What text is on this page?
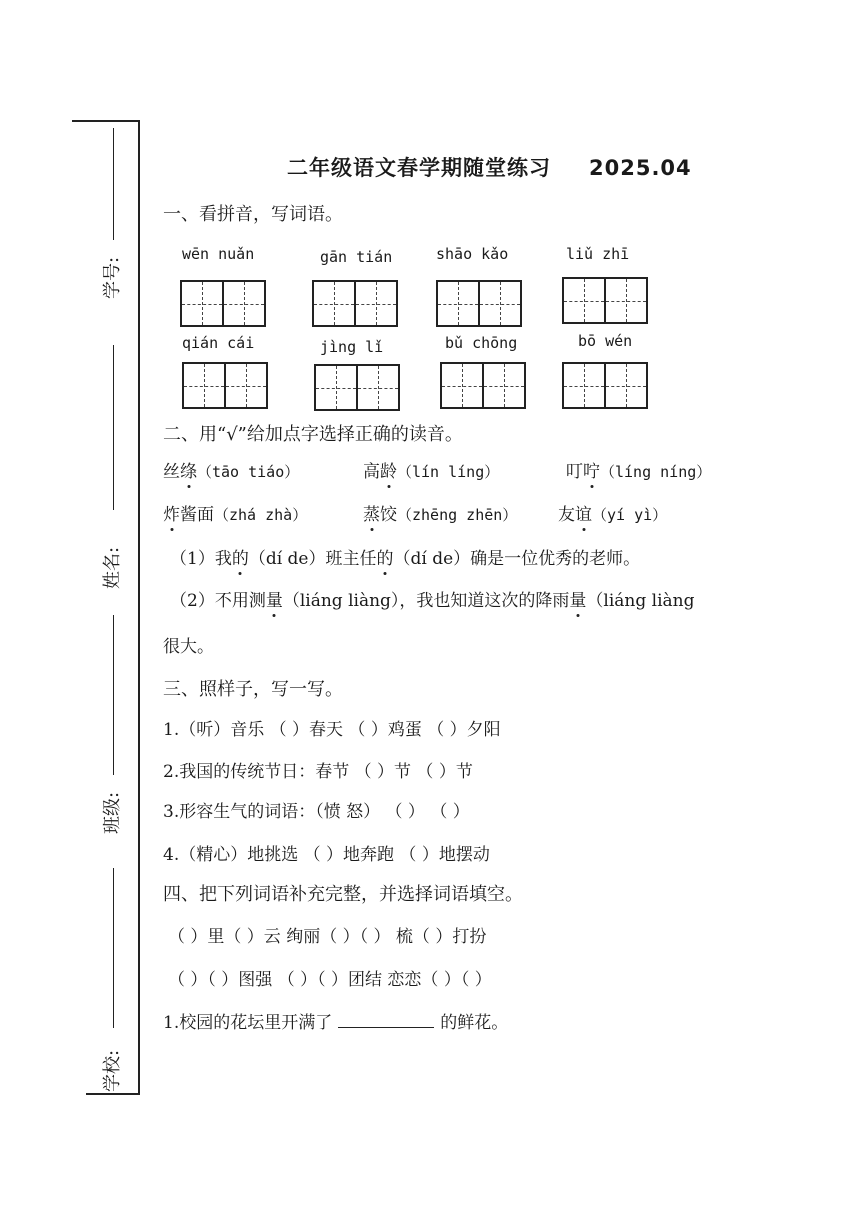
学号:
姓名:
班级:
学校:
二年级语文春学期随堂练习 2025.04
一、看拼音，写词语。
wēn nuǎn	gān tián	shāo kǎo	liǔ zhī
qián cái	jìng lǐ	bǔ chōng	bō wén
二、用“√”给加点字选择正确的读音。
丝绦（tāo tiáo）	高龄（lín líng）	叮咛（líng níng）
炸酱面（zhá zhà）	蒸饺（zhēng zhēn） 友谊（yí yì）
（1）我的（dí de）班主任的（dí de）确是一位优秀的老师。
（2）不用测量（liáng liàng），我也知道这次的降雨量（liáng liàng
很大。
三、照样子，写一写。
1.（听）音乐 （ ）春天 （ ）鸡蛋 （ ）夕阳
2.我国的传统节日：春节 （ ）节 （ ）节
3.形容生气的词语：（愤 怒） （ ） （ ）
4.（精心）地挑选 （ ）地奔跑 （ ）地摆动
四、把下列词语补充完整，并选择词语填空。
（ ）里（ ）云 绚丽（ ）（ ） 梳（ ）打扮
（ ）（ ）图强 （ ）（ ）团结 恋恋（ ）（ ）
1.校园的花坛里开满了	的鲜花。
